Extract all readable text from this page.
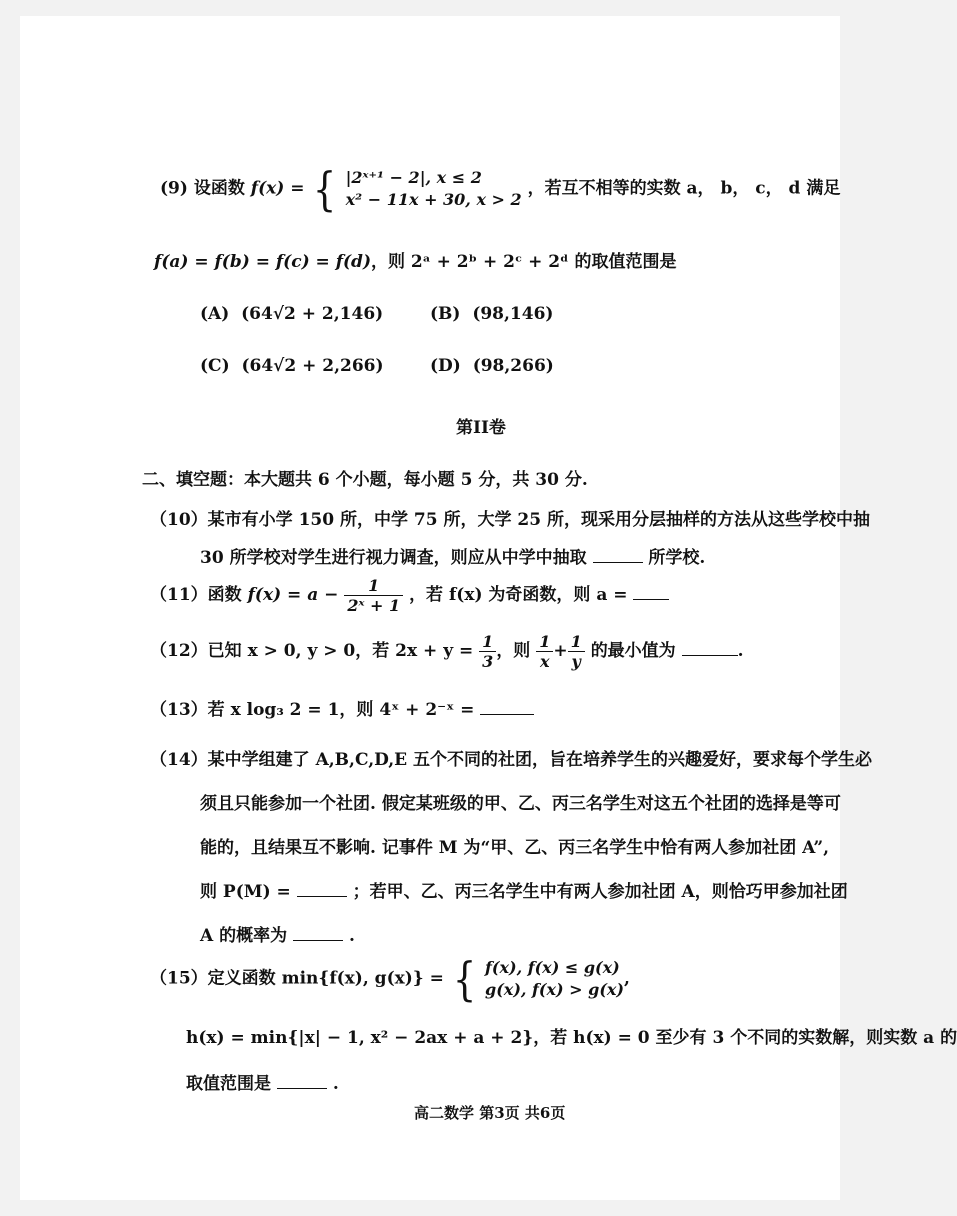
(9) 设函数 f(x) = { |2ˣ⁺¹ − 2|, x ≤ 2
x² − 11x + 30, x > 2
，若互不相等的实数 a， b， c， d 满足
f(a) = f(b) = f(c) = f(d)，则 2ᵃ + 2ᵇ + 2ᶜ + 2ᵈ 的取值范围是
(A) (64√2 + 2,146)	(B) (98,146)
(C) (64√2 + 2,266)	(D) (98,266)
第II卷
二、填空题：本大题共 6 个小题，每小题 5 分，共 30 分.
（10）某市有小学 150 所，中学 75 所，大学 25 所，现采用分层抽样的方法从这些学校中抽
30 所学校对学生进行视力调查，则应从中学中抽取	所学校.
（11）函数 $f(x) = a - \frac{1}{\text{2ˣ + 1}}$ ，若 f(x) 为奇函数，则 a =
（12）已知 x > 0, y > 0，若 $2x + y = \frac{1}{3}$ ，则 $\frac{1}{x} + \frac{1}{y}$ 的最小值为	.
（13）若 x log₃ 2 = 1，则 4ˣ + 2⁻ˣ =
（14）某中学组建了 A,B,C,D,E 五个不同的社团，旨在培养学生的兴趣爱好，要求每个学生必
须且只能参加一个社团. 假定某班级的甲、乙、丙三名学生对这五个社团的选择是等可
能的，且结果互不影响. 记事件 M 为“甲、乙、丙三名学生中恰有两人参加社团 A”,
则 P(M) =	；若甲、乙、丙三名学生中有两人参加社团 A，则恰巧甲参加社团
A 的概率为	.
（15）定义函数 min{f(x), g(x)} = { f(x), f(x) ≤ g(x)
g(x), f(x) > g(x)
,
h(x) = min{|x| − 1, x² − 2ax + a + 2}，若 h(x) = 0 至少有 3 个不同的实数解，则实数 a 的
取值范围是	.
高二数学 第3页 共6页
